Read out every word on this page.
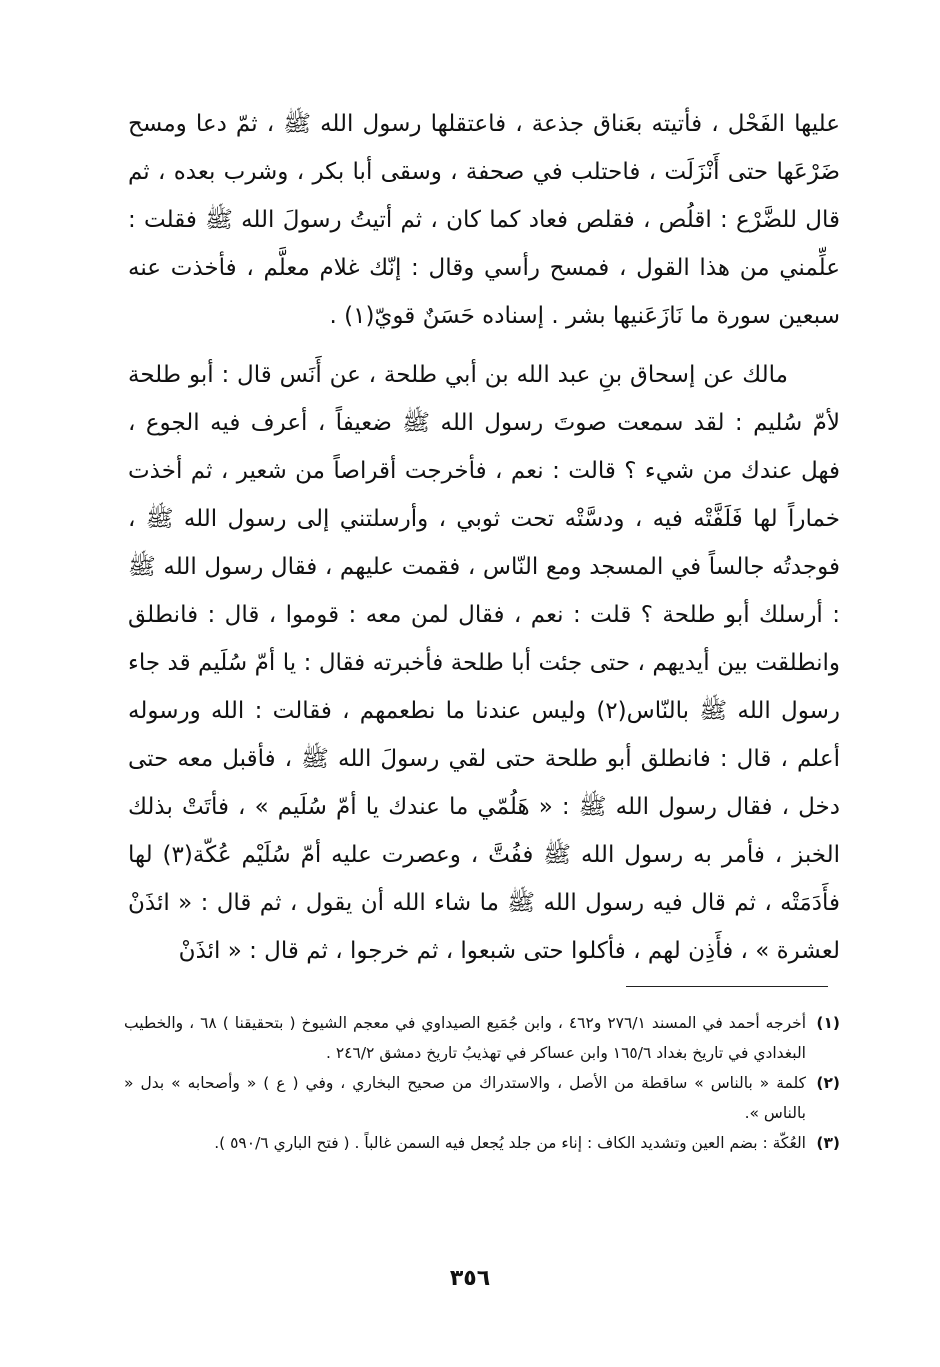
عليها الفَحْل ، فأتيته بعَناق جذعة ، فاعتقلها رسول الله ﷺ ، ثمّ دعا ومسح ضَرْعَها حتى أَنْزَلَت ، فاحتلب في صحفة ، وسقى أبا بكر ، وشرب بعده ، ثم قال للضَّرْع : اقلُص ، فقلص فعاد كما كان ، ثم أتيتُ رسولَ الله ﷺ فقلت : علِّمني من هذا القول ، فمسح رأسي وقال : إنّك غلام معلَّم ، فأخذت عنه سبعين سورة ما نَازَعَنيها بشر . إسناده حَسَنٌ قويّ(١) .

مالك عن إسحاق بنِ عبد الله بن أبي طلحة ، عن أَنَس قال : أبو طلحة لأمّ سُليم : لقد سمعت صوتَ رسول الله ﷺ ضعيفاً ، أعرف فيه الجوع ، فهل عندك من شيء ؟ قالت : نعم ، فأخرجت أقراصاً من شعير ، ثم أخذت خماراً لها فَلَفَّتْه فيه ، ودسَّتْه تحت ثوبي ، وأرسلتني إلى رسول الله ﷺ ، فوجدتُه جالساً في المسجد ومع النّاس ، فقمت عليهم ، فقال رسول الله ﷺ : أرسلك أبو طلحة ؟ قلت : نعم ، فقال لمن معه : قوموا ، قال : فانطلق وانطلقت بين أيديهم ، حتى جئت أبا طلحة فأخبرته فقال : يا أمّ سُلَيم قد جاء رسول الله ﷺ بالنّاس(٢) وليس عندنا ما نطعمهم ، فقالت : الله ورسوله أعلم ، قال : فانطلق أبو طلحة حتى لقي رسولَ الله ﷺ ، فأقبل معه حتى دخل ، فقال رسول الله ﷺ : « هَلُمّي ما عندك يا أمّ سُلَيم » ، فأتَتْ بذلك الخبز ، فأمر به رسول الله ﷺ ففُتَّ ، وعصرت عليه أمّ سُلَيْم عُكّة(٣) لها فأَدَمَتْه ، ثم قال فيه رسول الله ﷺ ما شاء الله أن يقول ، ثم قال : « ائذَنْ لعشرة » ، فأَذِن لهم ، فأكلوا حتى شبعوا ، ثم خرجوا ، ثم قال : « ائذَنْ

(١)
أخرجه أحمد في المسند ٢٧٦/١ و٤٦٢ ، وابن جُمَيع الصيداوي في معجم الشيوخ ( بتحقيقنا ) ٦٨ ، والخطيب البغدادي في تاريخ بغداد ١٦٥/٦ وابن عساكر في تهذيبُ تاريخ دمشق ٢٤٦/٢ .
(٢)
كلمة « بالناس » ساقطة من الأصل ، والاستدراك من صحيح البخاري ، وفي ( ع ) « وأصحابه » بدل « بالناس ».
(٣)
العُكّة : بضم العين وتشديد الكاف : إناء من جلد يُجعل فيه السمن غالباً . ( فتح الباري ٥٩٠/٦ ).
٣٥٦
